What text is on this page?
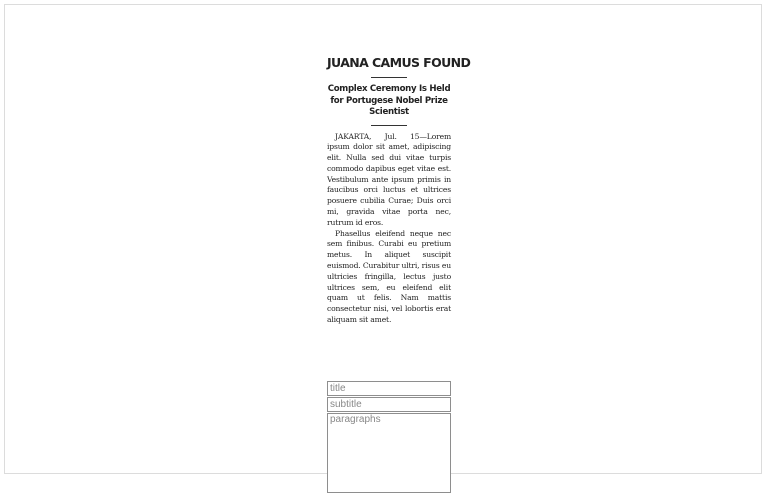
JUANA CAMUS FOUND
Complex Ceremony Is Held for Portugese Nobel Prize Scientist

JAKARTA, Jul. 15—Lorem ipsum dolor sit amet, adipiscing elit. Nulla sed dui vitae turpis commodo dapibus eget vitae est. Vestibulum ante ipsum primis in faucibus orci luctus et ultrices posuere cubilia Curae; Duis orci mi, gravida vitae porta nec, rutrum id eros.

Phasellus eleifend neque nec sem finibus. Curabi eu pretium metus. In aliquet suscipit euismod. Curabitur ultri, risus eu ultricies fringilla, lectus justo ultrices sem, eu eleifend elit quam ut felis. Nam mattis consectetur nisi, vel lobortis erat aliquam sit amet.

title
subtitle
paragraphs
